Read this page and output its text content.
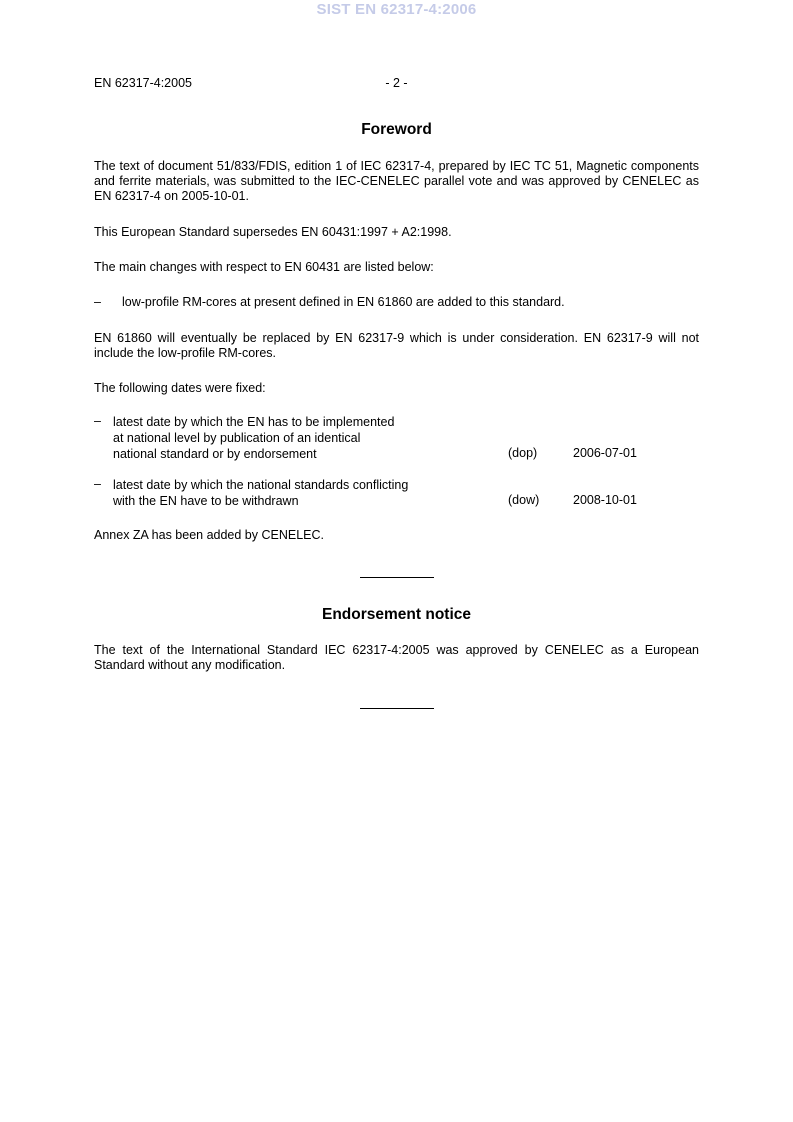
SIST EN 62317-4:2006
EN 62317-4:2005	- 2 -
Foreword
The text of document 51/833/FDIS, edition 1 of IEC 62317-4, prepared by IEC TC 51, Magnetic components and ferrite materials, was submitted to the IEC-CENELEC parallel vote and was approved by CENELEC as EN 62317-4 on 2005-10-01.
This European Standard supersedes EN 60431:1997 + A2:1998.
The main changes with respect to EN 60431 are listed below:
– low-profile RM-cores at present defined in EN 61860 are added to this standard.
EN 61860 will eventually be replaced by EN 62317-9 which is under consideration. EN 62317-9 will not include the low-profile RM-cores.
The following dates were fixed:
– latest date by which the EN has to be implemented
at national level by publication of an identical
national standard or by endorsement	(dop)	2006-07-01
– latest date by which the national standards conflicting
with the EN have to be withdrawn	(dow)	2008-10-01
Annex ZA has been added by CENELEC.
Endorsement notice
The text of the International Standard IEC 62317-4:2005 was approved by CENELEC as a European Standard without any modification.
